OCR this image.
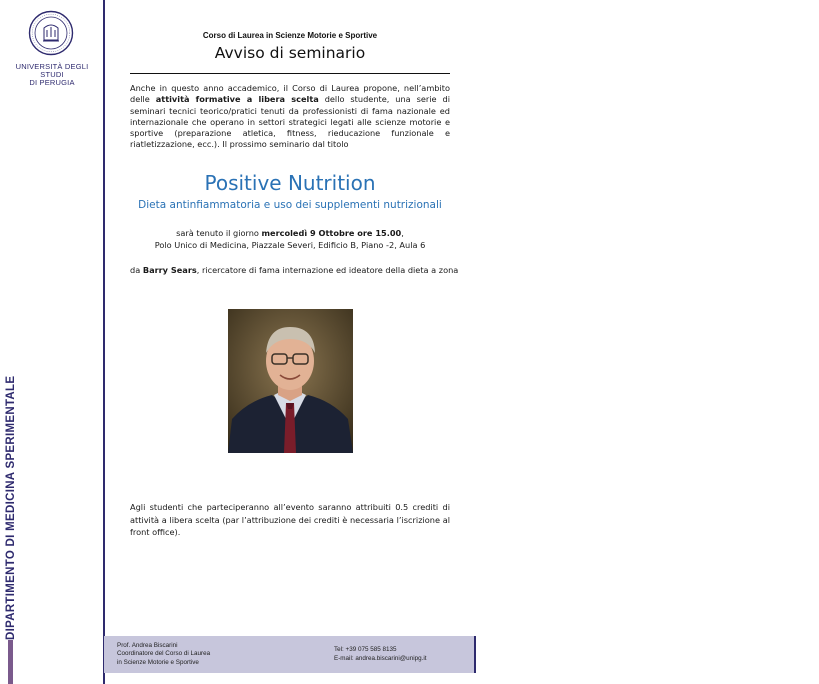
UNIVERSITÀ DEGLI STUDI
DI PERUGIA
DIPARTIMENTO DI MEDICINA SPERIMENTALE
Corso di Laurea in Scienze Motorie e Sportive
Avviso di seminario
Anche in questo anno accademico, il Corso di Laurea propone, nell’ambito delle attività formative a libera scelta dello studente, una serie di seminari tecnici teorico/pratici tenuti da professionisti di fama nazionale ed internazionale che operano in settori strategici legati alle scienze motorie e sportive (preparazione atletica, fitness, rieducazione funzionale e riatletizzazione, ecc.). Il prossimo seminario dal titolo
Positive Nutrition
Dieta antinfiammatoria e uso dei supplementi nutrizionali
sarà tenuto il giorno mercoledì 9 Ottobre ore 15.00,
Polo Unico di Medicina, Piazzale Severi, Edificio B, Piano -2, Aula 6
da Barry Sears, ricercatore di fama internazione ed ideatore della dieta a zona
Agli studenti che parteciperanno all’evento saranno attribuiti 0.5 crediti di attività a libera scelta (par l’attribuzione dei crediti è necessaria l’iscrizione al front office).
Prof. Andrea Biscarini
Coordinatore del Corso di Laurea
in Scienze Motorie e Sportive
Tel: +39 075 585 8135
E-mail: andrea.biscarini@unipg.it
